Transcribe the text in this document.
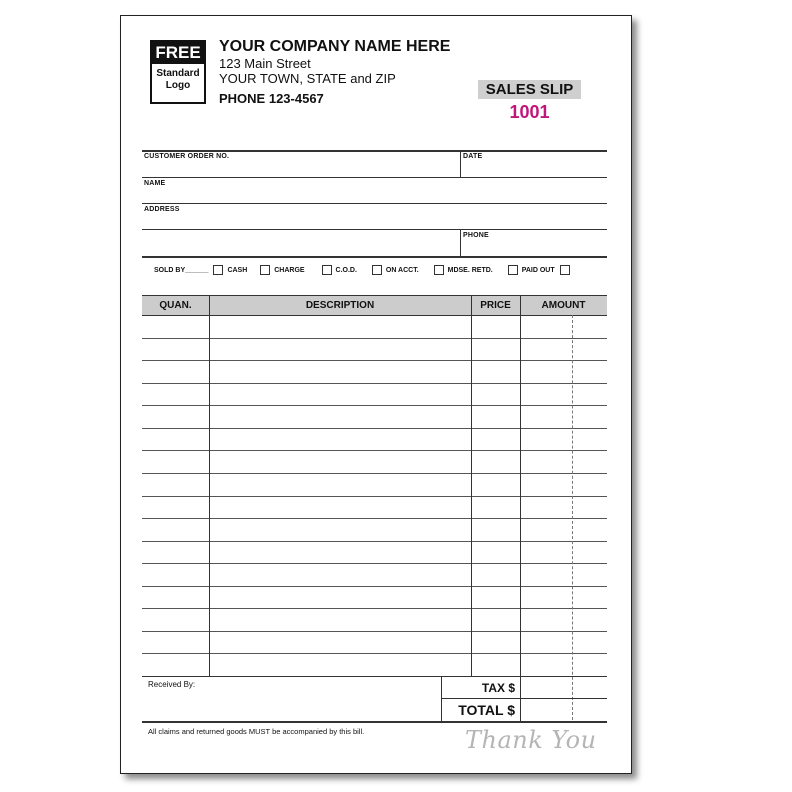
FREE
Standard
Logo
YOUR COMPANY NAME HERE
123 Main Street
YOUR TOWN, STATE and ZIP
PHONE 123-4567
SALES SLIP
1001
CUSTOMER ORDER NO.	DATE
NAME
ADDRESS
PHONE
SOLD BY______	CASH	CHARGE	C.O.D.	ON ACCT.	MDSE. RETD.	PAID OUT
QUAN.	DESCRIPTION	PRICE	AMOUNT
Received By:	TAX $
TOTAL $
All claims and returned goods MUST be accompanied by this bill.	Thank You
